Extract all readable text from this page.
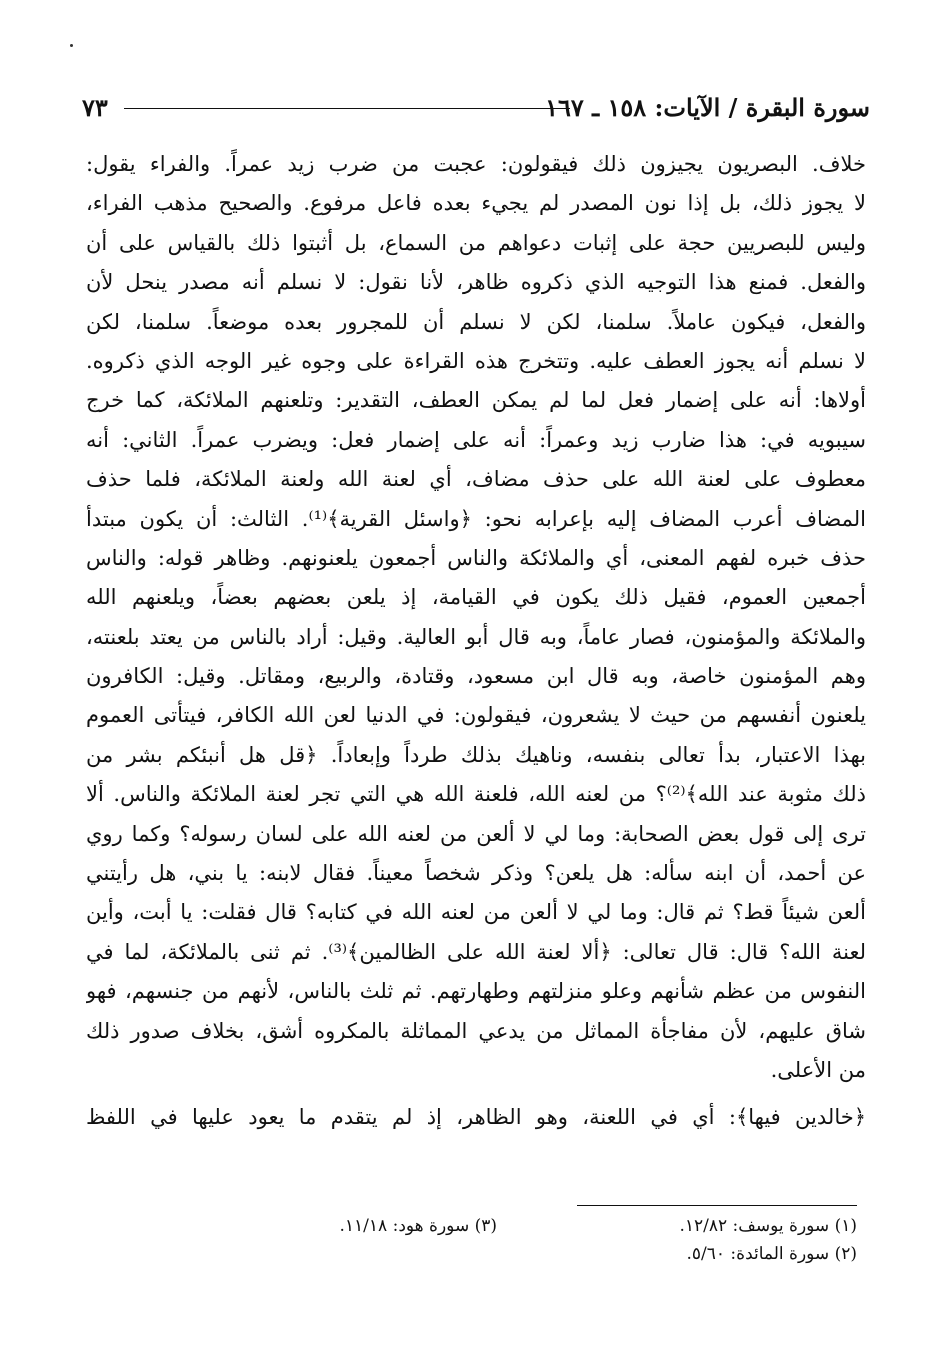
سورة البقرة / الآيات: ١٥٨ ـ ١٦٧
٧٣
خلاف. البصريون يجيزون ذلك فيقولون: عجبت من ضرب زيد عمراً. والفراء يقول:
لا يجوز ذلك، بل إذا نون المصدر لم يجيء بعده فاعل مرفوع. والصحيح مذهب الفراء،
وليس للبصريين حجة على إثبات دعواهم من السماع، بل أثبتوا ذلك بالقياس على أن
والفعل. فمنع هذا التوجيه الذي ذكروه ظاهر، لأنا نقول: لا نسلم أنه مصدر ينحل لأن
والفعل، فيكون عاملاً. سلمنا، لكن لا نسلم أن للمجرور بعده موضعاً. سلمنا، لكن
لا نسلم أنه يجوز العطف عليه. وتتخرج هذه القراءة على وجوه غير الوجه الذي ذكروه.
أولاها: أنه على إضمار فعل لما لم يمكن العطف، التقدير: وتلعنهم الملائكة، كما خرج
سيبويه في: هذا ضارب زيد وعمراً: أنه على إضمار فعل: ويضرب عمراً. الثاني: أنه
معطوف على لعنة الله على حذف مضاف، أي لعنة الله ولعنة الملائكة، فلما حذف
المضاف أعرب المضاف إليه بإعرابه نحو: ﴿واسئل القرية﴾⁽¹⁾. الثالث: أن يكون مبتدأ
حذف خبره لفهم المعنى، أي والملائكة والناس أجمعون يلعنونهم. وظاهر قوله: والناس
أجمعين العموم، فقيل ذلك يكون في القيامة، إذ يلعن بعضهم بعضاً، ويلعنهم الله
والملائكة والمؤمنون، فصار عاماً، وبه قال أبو العالية. وقيل: أراد بالناس من يعتد بلعنته،
وهم المؤمنون خاصة، وبه قال ابن مسعود، وقتادة، والربيع، ومقاتل. وقيل: الكافرون
يلعنون أنفسهم من حيث لا يشعرون، فيقولون: في الدنيا لعن الله الكافر، فيتأتى العموم
بهذا الاعتبار، بدأ تعالى بنفسه، وناهيك بذلك طرداً وإبعاداً. ﴿قل هل أنبئكم بشر من
ذلك مثوبة عند الله﴾⁽²⁾؟ من لعنه الله، فلعنة الله هي التي تجر لعنة الملائكة والناس. ألا
ترى إلى قول بعض الصحابة: وما لي لا ألعن من لعنه الله على لسان رسوله؟ وكما روي
عن أحمد، أن ابنه سأله: هل يلعن؟ وذكر شخصاً معيناً. فقال لابنه: يا بني، هل رأيتني
ألعن شيئاً قط؟ ثم قال: وما لي لا ألعن من لعنه الله في كتابه؟ قال فقلت: يا أبت، وأين
لعنة الله؟ قال: قال تعالى: ﴿ألا لعنة الله على الظالمين﴾⁽³⁾. ثم ثنى بالملائكة، لما في
النفوس من عظم شأنهم وعلو منزلتهم وطهارتهم. ثم ثلث بالناس، لأنهم من جنسهم، فهو
شاق عليهم، لأن مفاجأة المماثل من يدعي المماثلة بالمكروه أشق، بخلاف صدور ذلك
من الأعلى.
﴿خالدين فيها﴾: أي في اللعنة، وهو الظاهر، إذ لم يتقدم ما يعود عليها في اللفظ
(١) سورة يوسف: ١٢/٨٢.
(٣) سورة هود: ١١/١٨.
(٢) سورة المائدة: ٥/٦٠.
